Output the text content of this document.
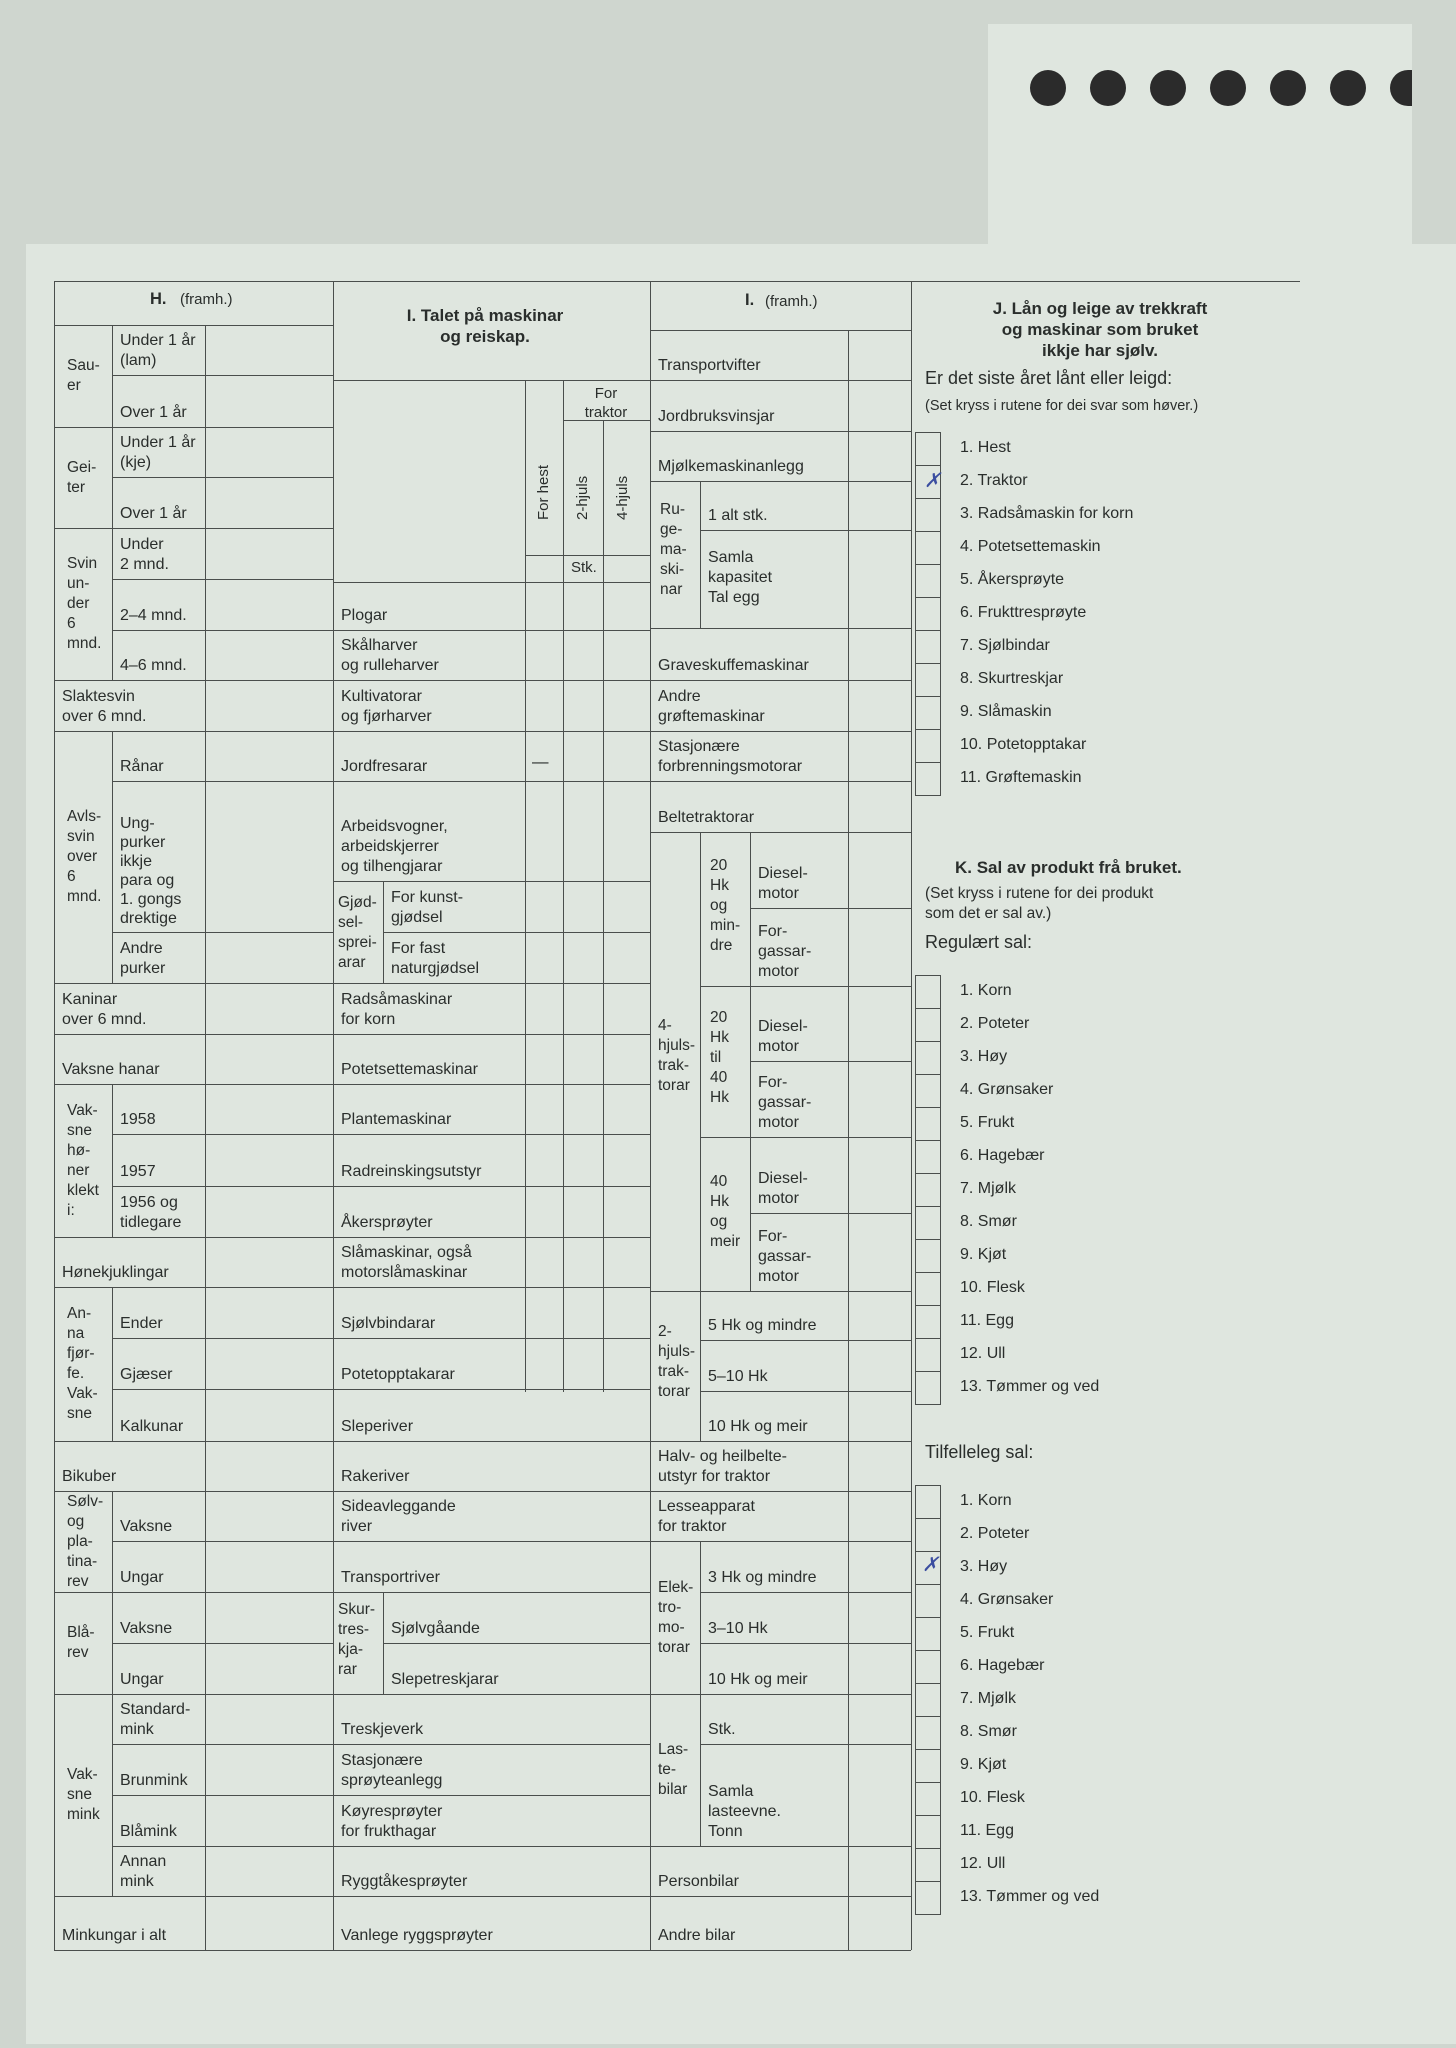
H. (framh.)
Sau-
er
Gei-
ter
Svin
un-
der
6
mnd.
Avls-
svin
over
6
mnd.
Vak-
sne
hø-
ner
klekt
i:
An-
na
fjør-
fe.
Vak-
sne
Sølv-
og
pla-
tina-
rev
Blå-
rev
Vak-
sne
mink
Under 1 år
(lam)
Over 1 år
Under 1 år
(kje)
Over 1 år
Under
2 mnd.
2–4 mnd.
4–6 mnd.
Slaktesvin
over 6 mnd.
Rånar
Ung-
purker
ikkje
para og
1. gongs
drektige
Andre
purker
Kaninar
over 6 mnd.
Vaksne hanar
1958
1957
1956 og
tidlegare
Hønekjuklingar
Ender
Gjæser
Kalkunar
Bikuber
Vaksne
Ungar
Vaksne
Ungar
Standard-
mink
Brunmink
Blåmink
Annan
mink
Minkungar i alt
I. Talet på maskinar
og reiskap.
For
traktor
For hest 2-hjuls 4-hjuls
Stk.
Plogar
Skålharver
og rulleharver
Kultivatorar
og fjørharver
Jordfresarar
Arbeidsvogner,
arbeidskjerrer
og tilhengjarar
For kunst-
gjødsel
For fast
naturgjødsel
Radsåmaskinar
for korn
Potetsettemaskinar
Plantemaskinar
Radreinskingsutstyr
Åkersprøyter
Slåmaskinar, også
motorslåmaskinar
Sjølvbindarar
Potetopptakarar
Sleperiver
Rakeriver
Sideavleggande
river
Transportriver
Sjølvgåande
Slepetreskjarar
Treskjeverk
Stasjonære
sprøyteanlegg
Køyresprøyter
for frukthagar
Ryggtåkesprøyter
Vanlege ryggsprøyter
Gjød-
sel-
sprei-
arar
Skur-
tres-
kja-
rar
—
I. (framh.)
Transportvifter
Jordbruksvinsjar
Mjølkemaskinanlegg
1 alt stk.
Samla
kapasitet
Tal egg
Graveskuffemaskinar
Andre
grøftemaskinar
Stasjonære
forbrenningsmotorar
Beltetraktorar
Diesel-
motor
For-
gassar-
motor
Diesel-
motor
For-
gassar-
motor
Diesel-
motor
For-
gassar-
motor
5 Hk og mindre
5–10 Hk
10 Hk og meir
Halv- og heilbelte-
utstyr for traktor
Lesseapparat
for traktor
3 Hk og mindre
3–10 Hk
10 Hk og meir
Stk.
Samla
lasteevne.
Tonn
Personbilar
Andre bilar
Ru-
ge-
ma-
ski-
nar
20
Hk
og
min-
dre
20
Hk
til
40
Hk
40
Hk
og
meir
4-
hjuls-
trak-
torar
2-
hjuls-
trak-
torar
Elek-
tro-
mo-
torar
Las-
te-
bilar
J. Lån og leige av trekkraft
og maskinar som bruket
ikkje har sjølv.
Er det siste året lånt eller leigd:
(Set kryss i rutene for dei svar som høver.)
1. Hest
2. Traktor
3. Radsåmaskin for korn
4. Potetsettemaskin
5. Åkersprøyte
6. Frukttresprøyte
7. Sjølbindar
8. Skurtreskjar
9. Slåmaskin
10. Potetopptakar
11. Grøftemaskin
✗
K. Sal av produkt frå bruket.
(Set kryss i rutene for dei produkt
som det er sal av.)
Regulært sal:
1. Korn
2. Poteter
3. Høy
4. Grønsaker
5. Frukt
6. Hagebær
7. Mjølk
8. Smør
9. Kjøt
10. Flesk
11. Egg
12. Ull
13. Tømmer og ved
Tilfelleleg sal:
1. Korn
2. Poteter
3. Høy
4. Grønsaker
5. Frukt
6. Hagebær
7. Mjølk
8. Smør
9. Kjøt
10. Flesk
11. Egg
12. Ull
13. Tømmer og ved
✗
